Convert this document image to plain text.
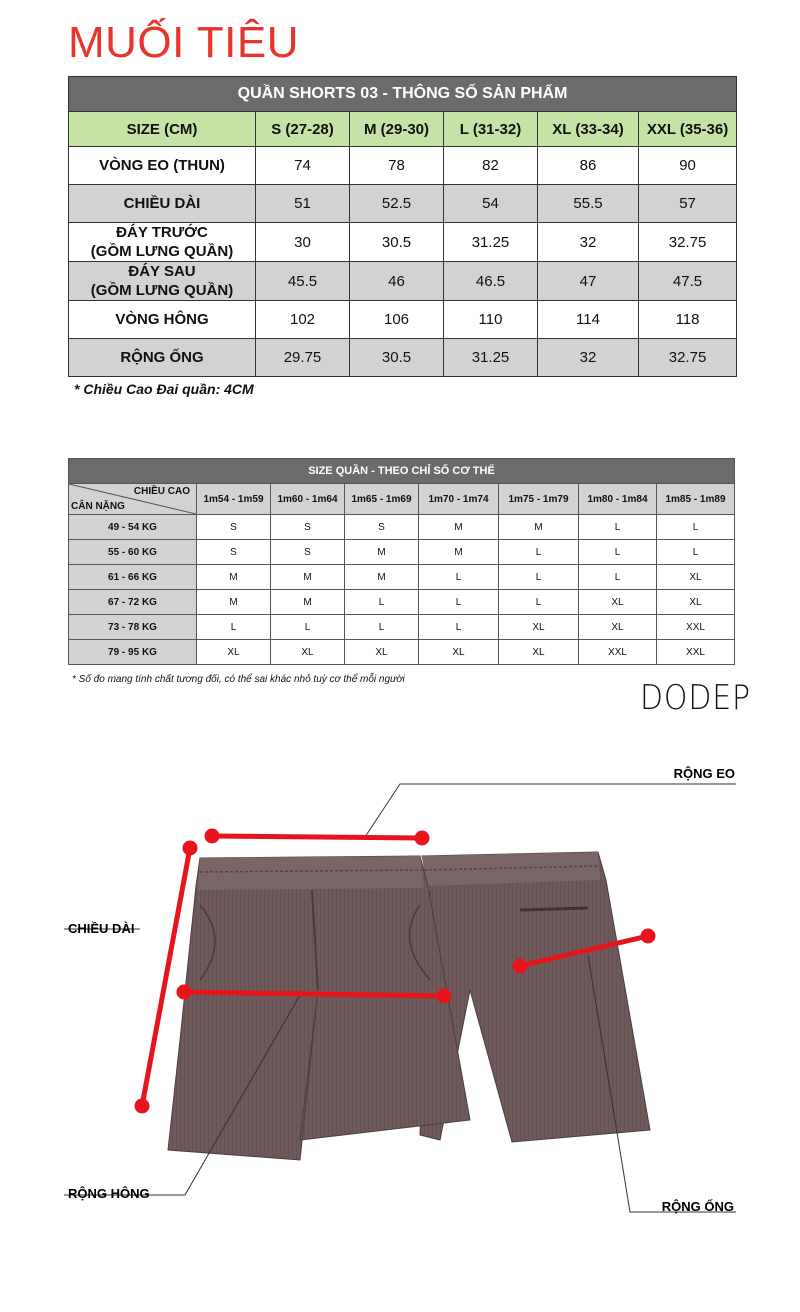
MUỐI TIÊU
QUẦN SHORTS 03 - THÔNG SỐ SẢN PHẨM					
SIZE (CM)	S (27-28)	M (29-30)	L (31-32)	XL (33-34)	XXL (35-36)
VÒNG EO (THUN)	74	78	82	86	90
CHIỀU DÀI	51	52.5	54	55.5	57
ĐÁY TRƯỚC
(GỒM LƯNG QUẦN)	30	30.5	31.25	32	32.75
ĐÁY SAU
(GỒM LƯNG QUẦN)	45.5	46	46.5	47	47.5
VÒNG HÔNG	102	106	110	114	118
RỘNG ỐNG	29.75	30.5	31.25	32	32.75
* Chiều Cao Đai quần: 4CM
SIZE QUẦN - THEO CHỈ SỐ CƠ THỂ							

CHIỀU CAO
CÂN NẶNG	1m54 - 1m59	1m60 - 1m64	1m65 - 1m69	1m70 - 1m74	1m75 - 1m79	1m80 - 1m84	1m85 - 1m89
49 - 54 KG	S	S	S	M	M	L	L
55 - 60 KG	S	S	M	M	L	L	L
61 - 66 KG	M	M	M	L	L	L	XL
67 - 72 KG	M	M	L	L	L	XL	XL
73 - 78 KG	L	L	L	L	XL	XL	XXL
79 - 95 KG	XL	XL	XL	XL	XL	XXL	XXL
* Số đo mang tính chất tương đối, có thể sai khác nhỏ tuỳ cơ thể mỗi người	DODEP
RỘNG EO
CHIỀU DÀI
RỘNG HÔNG
RỘNG ỐNG
